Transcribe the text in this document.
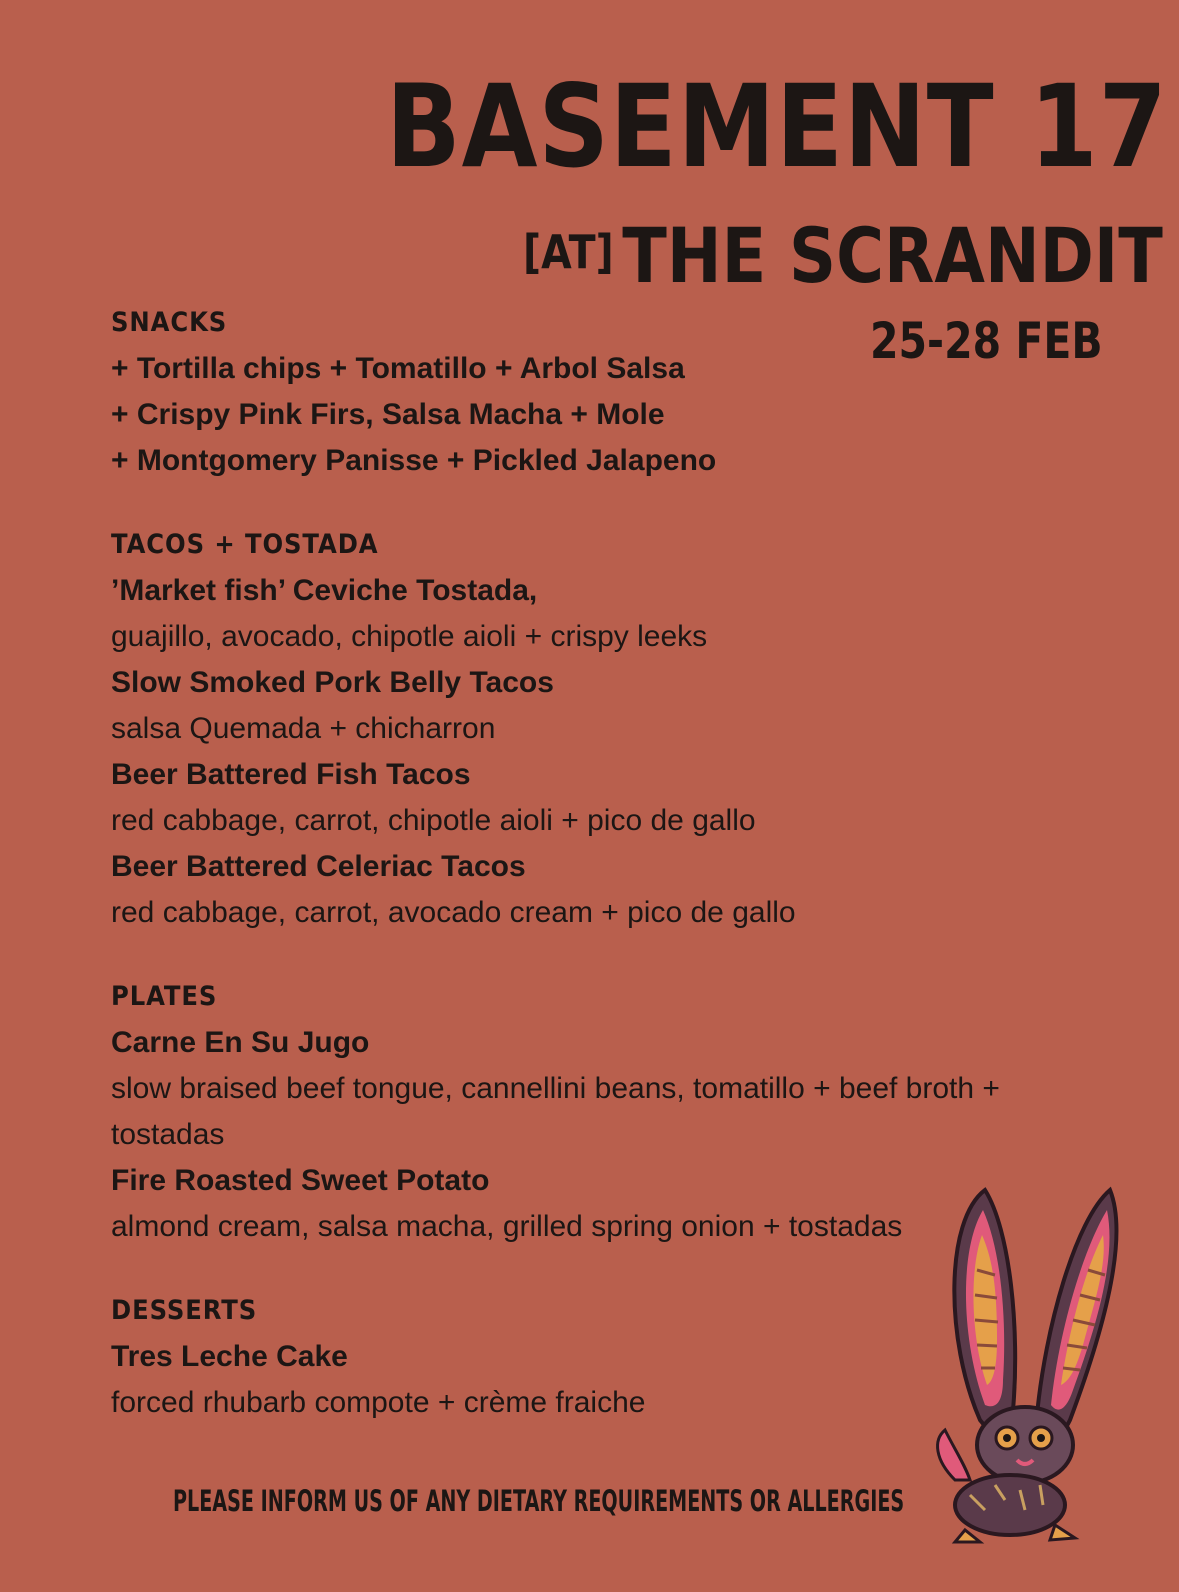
BASEMENT 17
[AT] THE SCRANDIT
25-28 FEB
SNACKS
+ Tortilla chips + Tomatillo + Arbol Salsa
+ Crispy Pink Firs, Salsa Macha + Mole
+ Montgomery Panisse + Pickled Jalapeno
TACOS + TOSTADA
’Market fish’ Ceviche Tostada,
guajillo, avocado, chipotle aioli + crispy leeks
Slow Smoked Pork Belly Tacos
salsa Quemada + chicharron
Beer Battered Fish Tacos
red cabbage, carrot, chipotle aioli + pico de gallo
Beer Battered Celeriac Tacos
red cabbage, carrot, avocado cream + pico de gallo
PLATES
Carne En Su Jugo
slow braised beef tongue, cannellini beans, tomatillo + beef broth + tostadas
Fire Roasted Sweet Potato
almond cream, salsa macha, grilled spring onion + tostadas
DESSERTS
Tres Leche Cake
forced rhubarb compote + crème fraiche
PLEASE INFORM US OF ANY DIETARY REQUIREMENTS OR ALLERGIES
